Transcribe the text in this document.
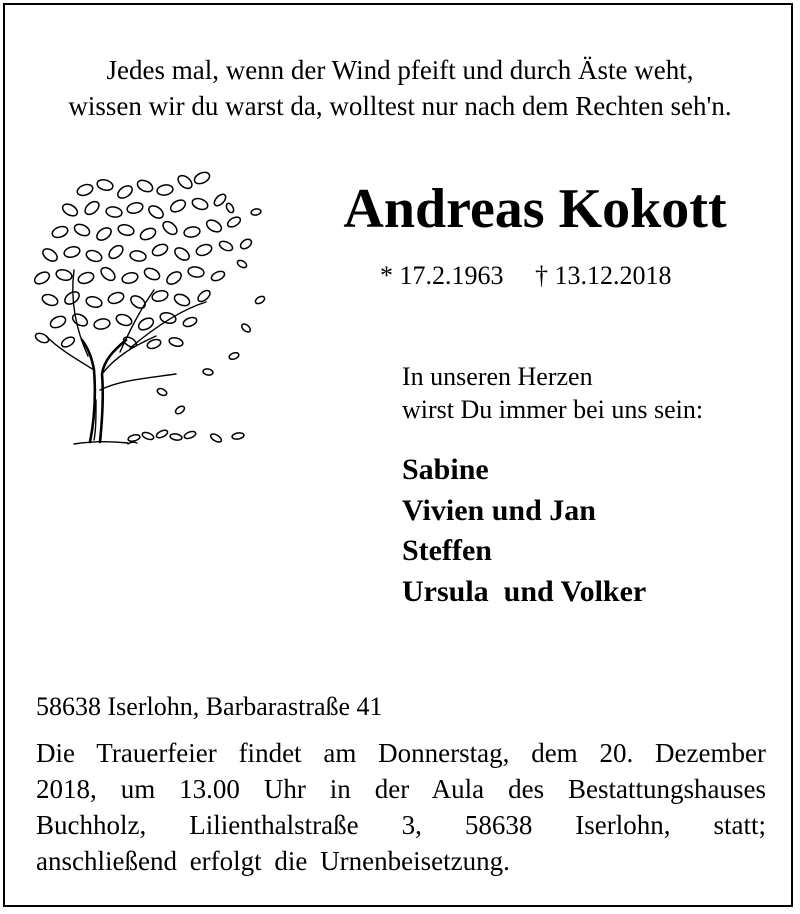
Jedes mal, wenn der Wind pfeift und durch Äste weht,
wissen wir du warst da, wolltest nur nach dem Rechten seh'n.
Andreas Kokott
* 17.2.1963 † 13.12.2018
In unseren Herzen
wirst Du immer bei uns sein:
Sabine
Vivien und Jan
Steffen
Ursula  und Volker
58638 Iserlohn, Barbarastraße 41
Die Trauerfeier findet am Donnerstag, dem 20. Dezember
2018, um 13.00 Uhr in der Aula des Bestattungshauses
Buchholz, Lilienthalstraße 3, 58638 Iserlohn, statt;
anschließend erfolgt die Urnenbeisetzung.
